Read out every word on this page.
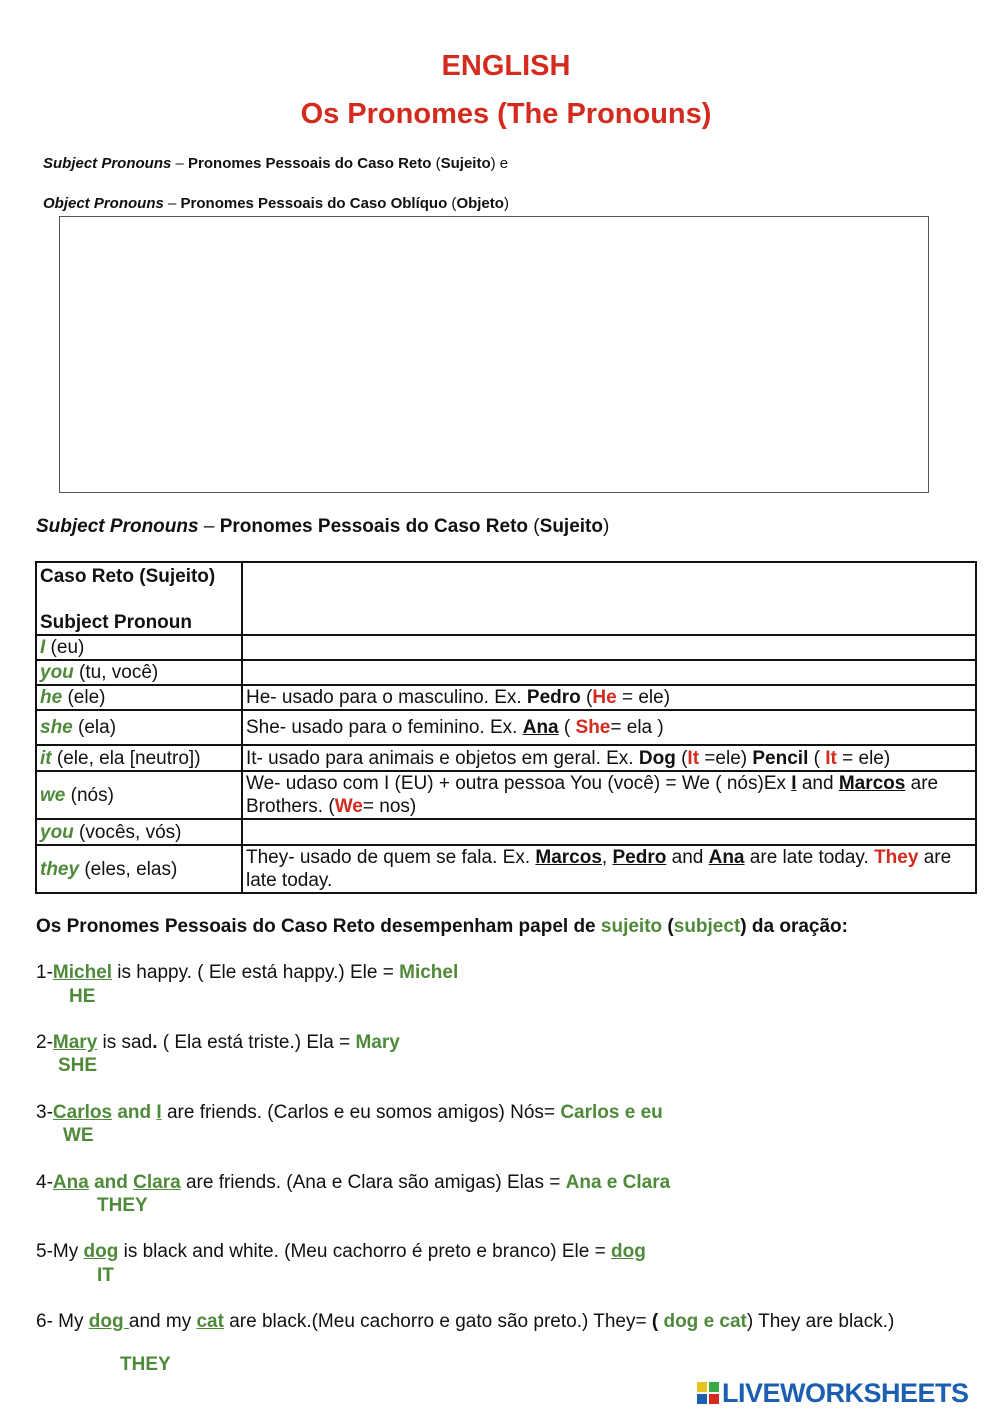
ENGLISH
Os Pronomes (The Pronouns)
Subject Pronouns – Pronomes Pessoais do Caso Reto (Sujeito) e
Object Pronouns – Pronomes Pessoais do Caso Oblíquo (Objeto)
Subject Pronouns – Pronomes Pessoais do Caso Reto (Sujeito)
Caso Reto (Sujeito)
Subject Pronoun	

I (eu)	
you (tu, você)	
he (ele)	He- usado para o masculino. Ex. Pedro (He = ele)
she (ela)	She- usado para o feminino. Ex. Ana ( She= ela )
it (ele, ela [neutro])	It- usado para animais e objetos em geral. Ex. Dog (It =ele) Pencil ( It = ele)
we (nós)	We- udaso com I (EU) + outra pessoa You (você) = We ( nós)Ex I and Marcos are Brothers. (We= nos)
you (vocês, vós)	
they (eles, elas)	They- usado de quem se fala. Ex. Marcos, Pedro and Ana are late today. They are late today.
Os Pronomes Pessoais do Caso Reto desempenham papel de sujeito (subject) da oração:
1-Michel is happy. ( Ele está happy.) Ele = Michel
HE
2-Mary is sad. ( Ela está triste.) Ela = Mary
SHE
3-Carlos and I are friends. (Carlos e eu somos amigos) Nós= Carlos e eu
WE
4-Ana and Clara are friends. (Ana e Clara são amigas) Elas = Ana e Clara
THEY
5-My dog is black and white. (Meu cachorro é preto e branco) Ele = dog
IT
6- My dog and my cat are black.(Meu cachorro e gato são preto.) They= ( dog e cat) They are black.)
THEY
LIVEWORKSHEETS
